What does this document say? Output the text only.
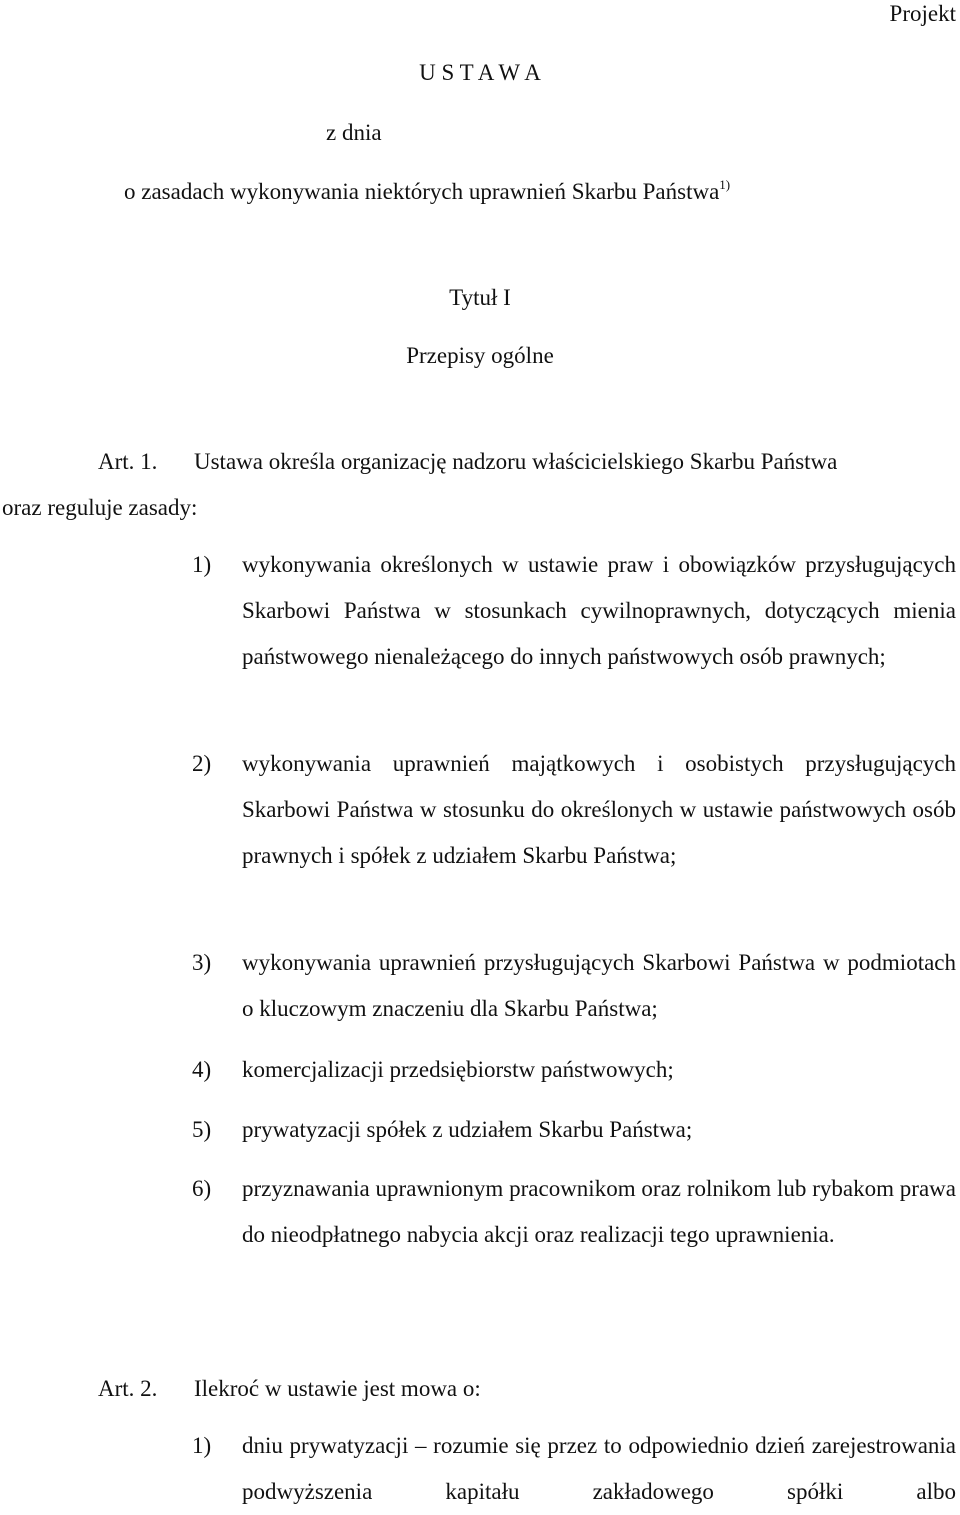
Projekt
U S T A W A
z dnia
o zasadach wykonywania niektórych uprawnień Skarbu Państwa$^{1)}$
Tytuł I
Przepisy ogólne
Art. 1. Ustawa określa organizację nadzoru właścicielskiego Skarbu Państwa
oraz reguluje zasady:
1) wykonywania określonych w ustawie praw i obowiązków przysługujących Skarbowi Państwa w stosunkach cywilnoprawnych, dotyczących mienia państwowego nienależącego do innych państwowych osób prawnych;
2) wykonywania uprawnień majątkowych i osobistych przysługujących Skarbowi Państwa w stosunku do określonych w ustawie państwowych osób prawnych i spółek z udziałem Skarbu Państwa;
3) wykonywania uprawnień przysługujących Skarbowi Państwa w podmiotach o kluczowym znaczeniu dla Skarbu Państwa;
4) komercjalizacji przedsiębiorstw państwowych;
5) prywatyzacji spółek z udziałem Skarbu Państwa;
6) przyznawania uprawnionym pracownikom oraz rolnikom lub rybakom prawa do nieodpłatnego nabycia akcji oraz realizacji tego uprawnienia.
Art. 2. Ilekroć w ustawie jest mowa o:
1) dniu prywatyzacji – rozumie się przez to odpowiednio dzień zarejestrowania podwyższenia kapitału zakładowego spółki albo
